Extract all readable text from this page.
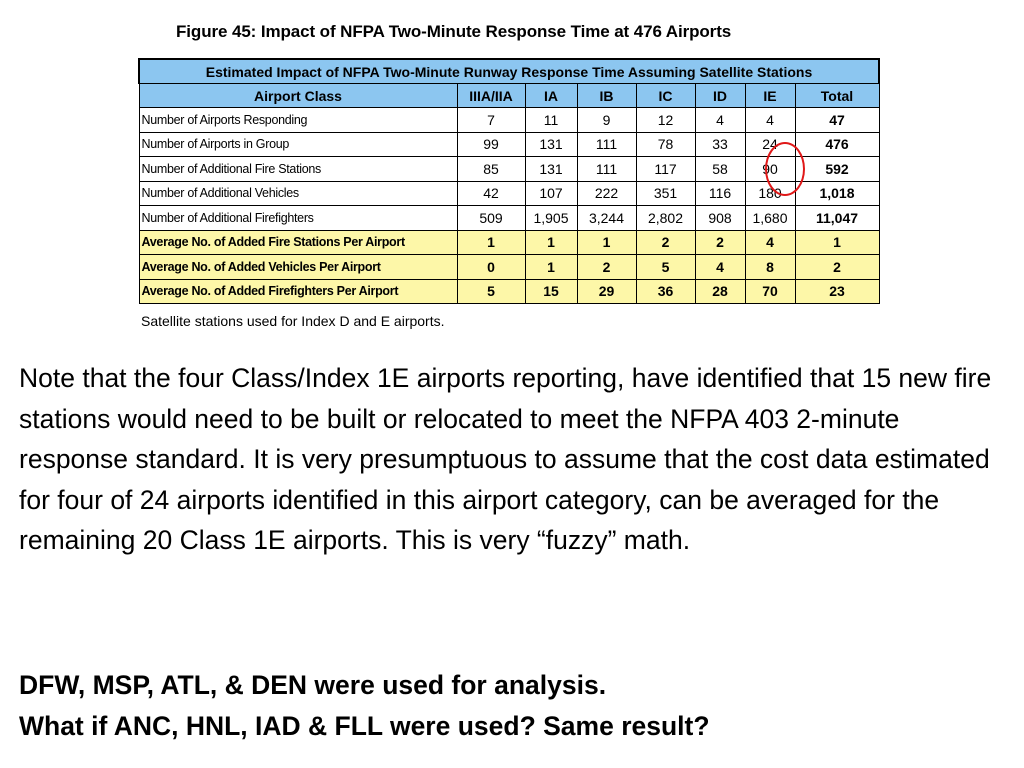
Figure 45: Impact of NFPA Two-Minute Response Time at 476 Airports
Estimated Impact of NFPA Two-Minute Runway Response Time Assuming Satellite Stations							
Airport Class	IIIA/IIA	IA	IB	IC	ID	IE	Total
Number of Airports Responding	7	11	9	12	4	4	47
Number of Airports in Group	99	131	111	78	33	24	476
Number of Additional Fire Stations	85	131	111	117	58	90	592
Number of Additional Vehicles	42	107	222	351	116	180	1,018
Number of Additional Firefighters	509	1,905	3,244	2,802	908	1,680	11,047
Average No. of Added Fire Stations Per Airport	1	1	1	2	2	4	1
Average No. of Added Vehicles Per Airport	0	1	2	5	4	8	2
Average No. of Added Firefighters Per Airport	5	15	29	36	28	70	23
Satellite stations used for Index D and E airports.

Note that the four Class/Index 1E airports reporting, have identified that 15 new fire stations would need to be built or relocated to meet the NFPA 403 2-minute response standard. It is very presumptuous to assume that the cost data estimated for four of 24 airports identified in this airport category, can be averaged for the remaining 20 Class 1E airports. This is very “fuzzy” math.

DFW, MSP, ATL, & DEN were used for analysis.
What if ANC, HNL, IAD & FLL were used? Same result?
